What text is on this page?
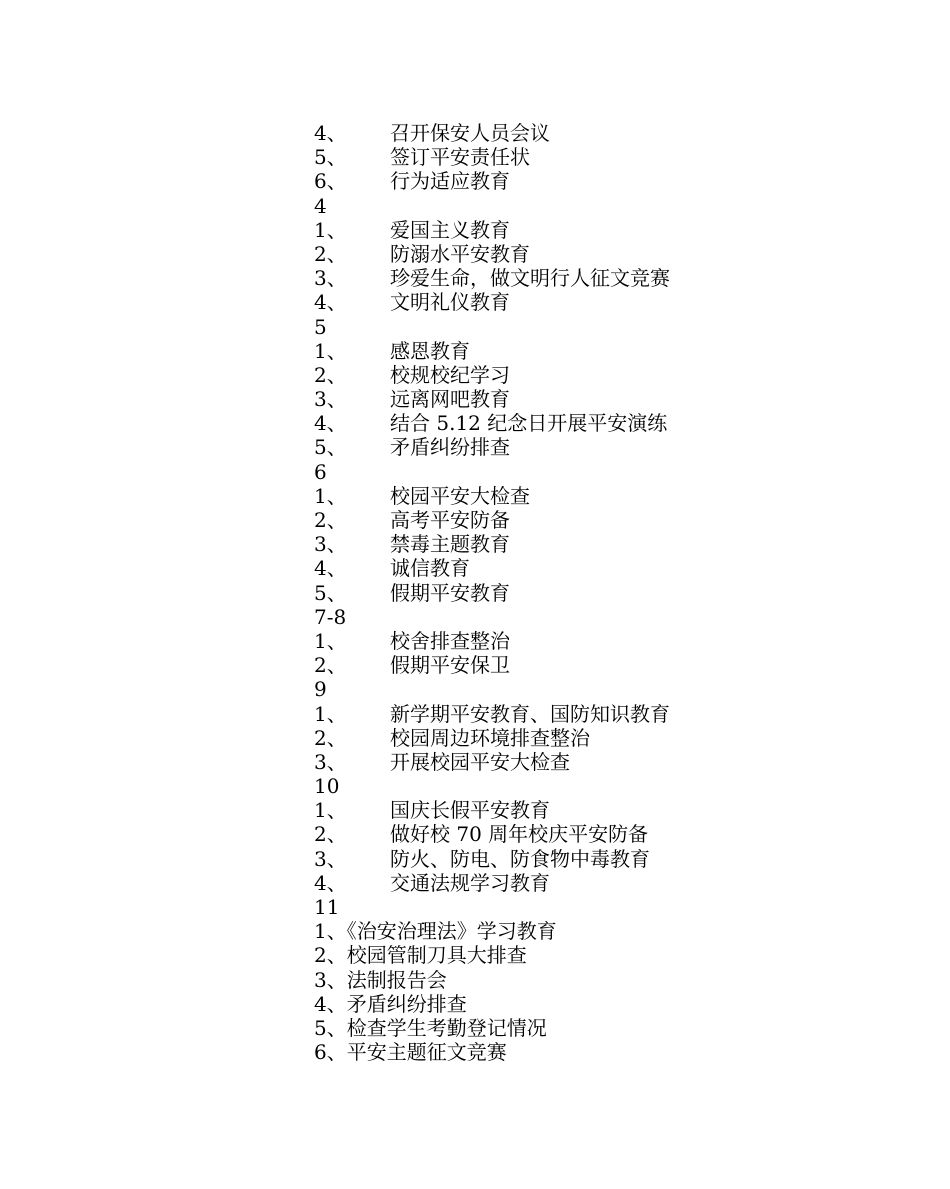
4、 召开保安人员会议
5、 签订平安责任状
6、 行为适应教育
4
1、 爱国主义教育
2、 防溺水平安教育
3、 珍爱生命，做文明行人征文竞赛
4、 文明礼仪教育
5
1、 感恩教育
2、 校规校纪学习
3、 远离网吧教育
4、 结合 5.12 纪念日开展平安演练
5、 矛盾纠纷排查
6
1、 校园平安大检查
2、 高考平安防备
3、 禁毒主题教育
4、 诚信教育
5、 假期平安教育
7-8
1、 校舍排查整治
2、 假期平安保卫
9
1、 新学期平安教育、国防知识教育
2、 校园周边环境排查整治
3、 开展校园平安大检查
10
1、 国庆长假平安教育
2、 做好校 70 周年校庆平安防备
3、 防火、防电、防食物中毒教育
4、 交通法规学习教育
11
1、《治安治理法》学习教育
2、校园管制刀具大排查
3、法制报告会
4、矛盾纠纷排查
5、检查学生考勤登记情况
6、平安主题征文竞赛
